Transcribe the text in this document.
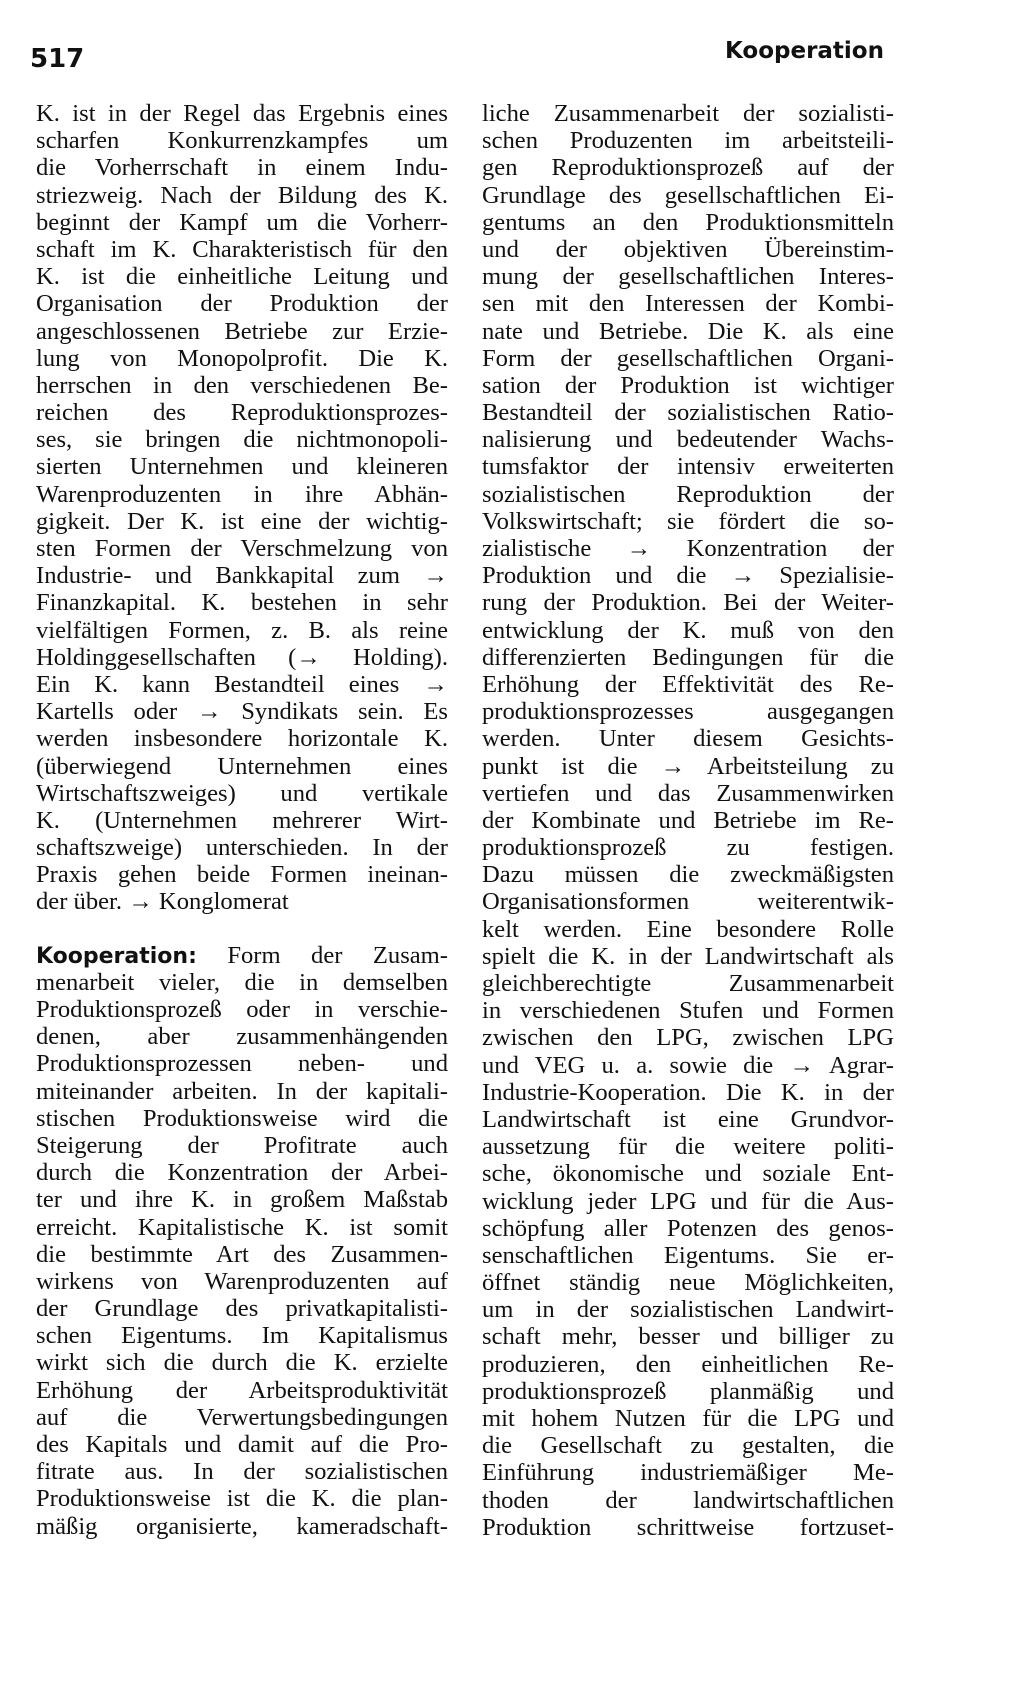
517	Kooperation
K. ist in der Regel das Ergebnis eines
scharfen Konkurrenzkampfes um
die Vorherrschaft in einem Indu-
striezweig. Nach der Bildung des K.
beginnt der Kampf um die Vorherr-
schaft im K. Charakteristisch für den
K. ist die einheitliche Leitung und
Organisation der Produktion der
angeschlossenen Betriebe zur Erzie-
lung von Monopolprofit. Die K.
herrschen in den verschiedenen Be-
reichen des Reproduktionsprozes-
ses, sie bringen die nichtmonopoli-
sierten Unternehmen und kleineren
Warenproduzenten in ihre Abhän-
gigkeit. Der K. ist eine der wichtig-
sten Formen der Verschmelzung von
Industrie- und Bankkapital zum →
Finanzkapital. K. bestehen in sehr
vielfältigen Formen, z. B. als reine
Holdinggesellschaften (→ Holding).
Ein K. kann Bestandteil eines →
Kartells oder → Syndikats sein. Es
werden insbesondere horizontale K.
(überwiegend Unternehmen eines
Wirtschaftszweiges) und vertikale
K. (Unternehmen mehrerer Wirt-
schaftszweige) unterschieden. In der
Praxis gehen beide Formen ineinan-
der über. → Konglomerat
Kooperation: Form der Zusam-
menarbeit vieler, die in demselben
Produktionsprozeß oder in verschie-
denen, aber zusammenhängenden
Produktionsprozessen neben- und
miteinander arbeiten. In der kapitali-
stischen Produktionsweise wird die
Steigerung der Profitrate auch
durch die Konzentration der Arbei-
ter und ihre K. in großem Maßstab
erreicht. Kapitalistische K. ist somit
die bestimmte Art des Zusammen-
wirkens von Warenproduzenten auf
der Grundlage des privatkapitalisti-
schen Eigentums. Im Kapitalismus
wirkt sich die durch die K. erzielte
Erhöhung der Arbeitsproduktivität
auf die Verwertungsbedingungen
des Kapitals und damit auf die Pro-
fitrate aus. In der sozialistischen
Produktionsweise ist die K. die plan-
mäßig organisierte, kameradschaft-
liche Zusammenarbeit der sozialisti-
schen Produzenten im arbeitsteili-
gen Reproduktionsprozeß auf der
Grundlage des gesellschaftlichen Ei-
gentums an den Produktionsmitteln
und der objektiven Übereinstim-
mung der gesellschaftlichen Interes-
sen mit den Interessen der Kombi-
nate und Betriebe. Die K. als eine
Form der gesellschaftlichen Organi-
sation der Produktion ist wichtiger
Bestandteil der sozialistischen Ratio-
nalisierung und bedeutender Wachs-
tumsfaktor der intensiv erweiterten
sozialistischen Reproduktion der
Volkswirtschaft; sie fördert die so-
zialistische → Konzentration der
Produktion und die → Spezialisie-
rung der Produktion. Bei der Weiter-
entwicklung der K. muß von den
differenzierten Bedingungen für die
Erhöhung der Effektivität des Re-
produktionsprozesses ausgegangen
werden. Unter diesem Gesichts-
punkt ist die → Arbeitsteilung zu
vertiefen und das Zusammenwirken
der Kombinate und Betriebe im Re-
produktionsprozeß zu festigen.
Dazu müssen die zweckmäßigsten
Organisationsformen weiterentwik-
kelt werden. Eine besondere Rolle
spielt die K. in der Landwirtschaft als
gleichberechtigte Zusammenarbeit
in verschiedenen Stufen und Formen
zwischen den LPG, zwischen LPG
und VEG u. a. sowie die → Agrar-
Industrie-Kooperation. Die K. in der
Landwirtschaft ist eine Grundvor-
aussetzung für die weitere politi-
sche, ökonomische und soziale Ent-
wicklung jeder LPG und für die Aus-
schöpfung aller Potenzen des genos-
senschaftlichen Eigentums. Sie er-
öffnet ständig neue Möglichkeiten,
um in der sozialistischen Landwirt-
schaft mehr, besser und billiger zu
produzieren, den einheitlichen Re-
produktionsprozeß planmäßig und
mit hohem Nutzen für die LPG und
die Gesellschaft zu gestalten, die
Einführung industriemäßiger Me-
thoden der landwirtschaftlichen
Produktion schrittweise fortzuset-
